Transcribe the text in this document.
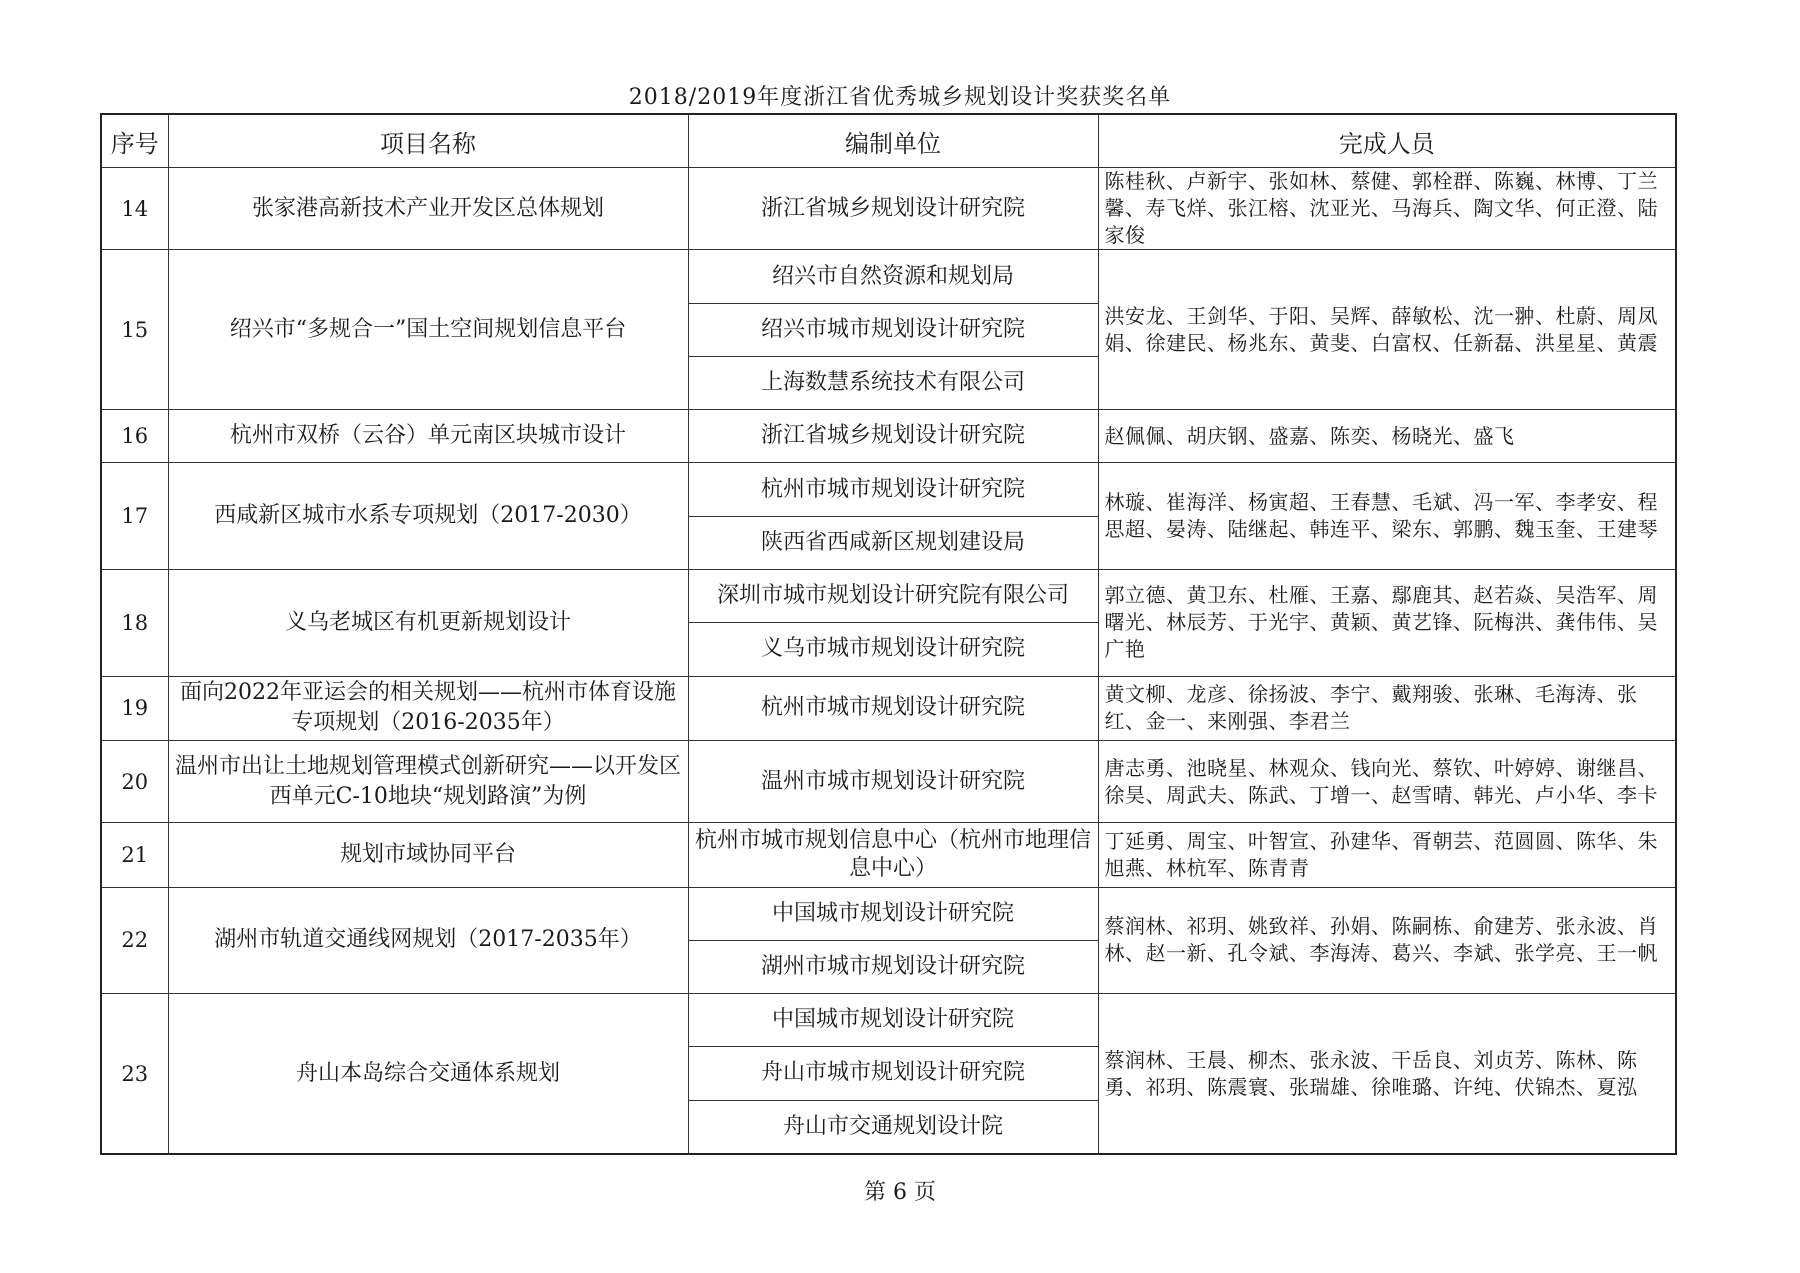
2018/2019年度浙江省优秀城乡规划设计奖获奖名单
序号	项目名称	编制单位	完成人员
14	张家港高新技术产业开发区总体规划	浙江省城乡规划设计研究院	陈桂秋、卢新宇、张如林、蔡健、郭栓群、陈巍、林博、丁兰馨、寿飞烊、张江榕、沈亚光、马海兵、陶文华、何正澄、陆家俊
15	绍兴市“多规合一”国土空间规划信息平台	绍兴市自然资源和规划局	洪安龙、王剑华、于阳、吴辉、薛敏松、沈一翀、杜蔚、周凤娟、徐建民、杨兆东、黄斐、白富权、任新磊、洪星星、黄震
		绍兴市城市规划设计研究院	
		上海数慧系统技术有限公司	
16	杭州市双桥（云谷）单元南区块城市设计	浙江省城乡规划设计研究院	赵佩佩、胡庆钢、盛嘉、陈奕、杨晓光、盛飞
17	西咸新区城市水系专项规划（2017-2030）	杭州市城市规划设计研究院	林璇、崔海洋、杨寅超、王春慧、毛斌、冯一军、李孝安、程思超、晏涛、陆继起、韩连平、梁东、郭鹏、魏玉奎、王建琴
		陕西省西咸新区规划建设局	
18	义乌老城区有机更新规划设计	深圳市城市规划设计研究院有限公司	郭立德、黄卫东、杜雁、王嘉、鄢鹿其、赵若焱、吴浩军、周曙光、林辰芳、于光宇、黄颖、黄艺锋、阮梅洪、龚伟伟、吴广艳
		义乌市城市规划设计研究院	
19	面向2022年亚运会的相关规划——杭州市体育设施专项规划（2016-2035年）	杭州市城市规划设计研究院	黄文柳、龙彦、徐扬波、李宁、戴翔骏、张琳、毛海涛、张红、金一、来刚强、李君兰
20	温州市出让土地规划管理模式创新研究——以开发区西单元C-10地块“规划路演”为例	温州市城市规划设计研究院	唐志勇、池晓星、林观众、钱向光、蔡钦、叶婷婷、谢继昌、徐昊、周武夫、陈武、丁增一、赵雪晴、韩光、卢小华、李卡
21	规划市域协同平台	杭州市城市规划信息中心（杭州市地理信息中心）	丁延勇、周宝、叶智宣、孙建华、胥朝芸、范圆圆、陈华、朱旭燕、林杭军、陈青青
22	湖州市轨道交通线网规划（2017-2035年）	中国城市规划设计研究院	蔡润林、祁玥、姚致祥、孙娟、陈嗣栋、俞建芳、张永波、肖林、赵一新、孔令斌、李海涛、葛兴、李斌、张学亮、王一帆
		湖州市城市规划设计研究院	
23	舟山本岛综合交通体系规划	中国城市规划设计研究院	蔡润林、王晨、柳杰、张永波、干岳良、刘贞芳、陈林、陈勇、祁玥、陈震寰、张瑞雄、徐唯璐、许纯、伏锦杰、夏泓
		舟山市城市规划设计研究院	
		舟山市交通规划设计院	
第 6 页
